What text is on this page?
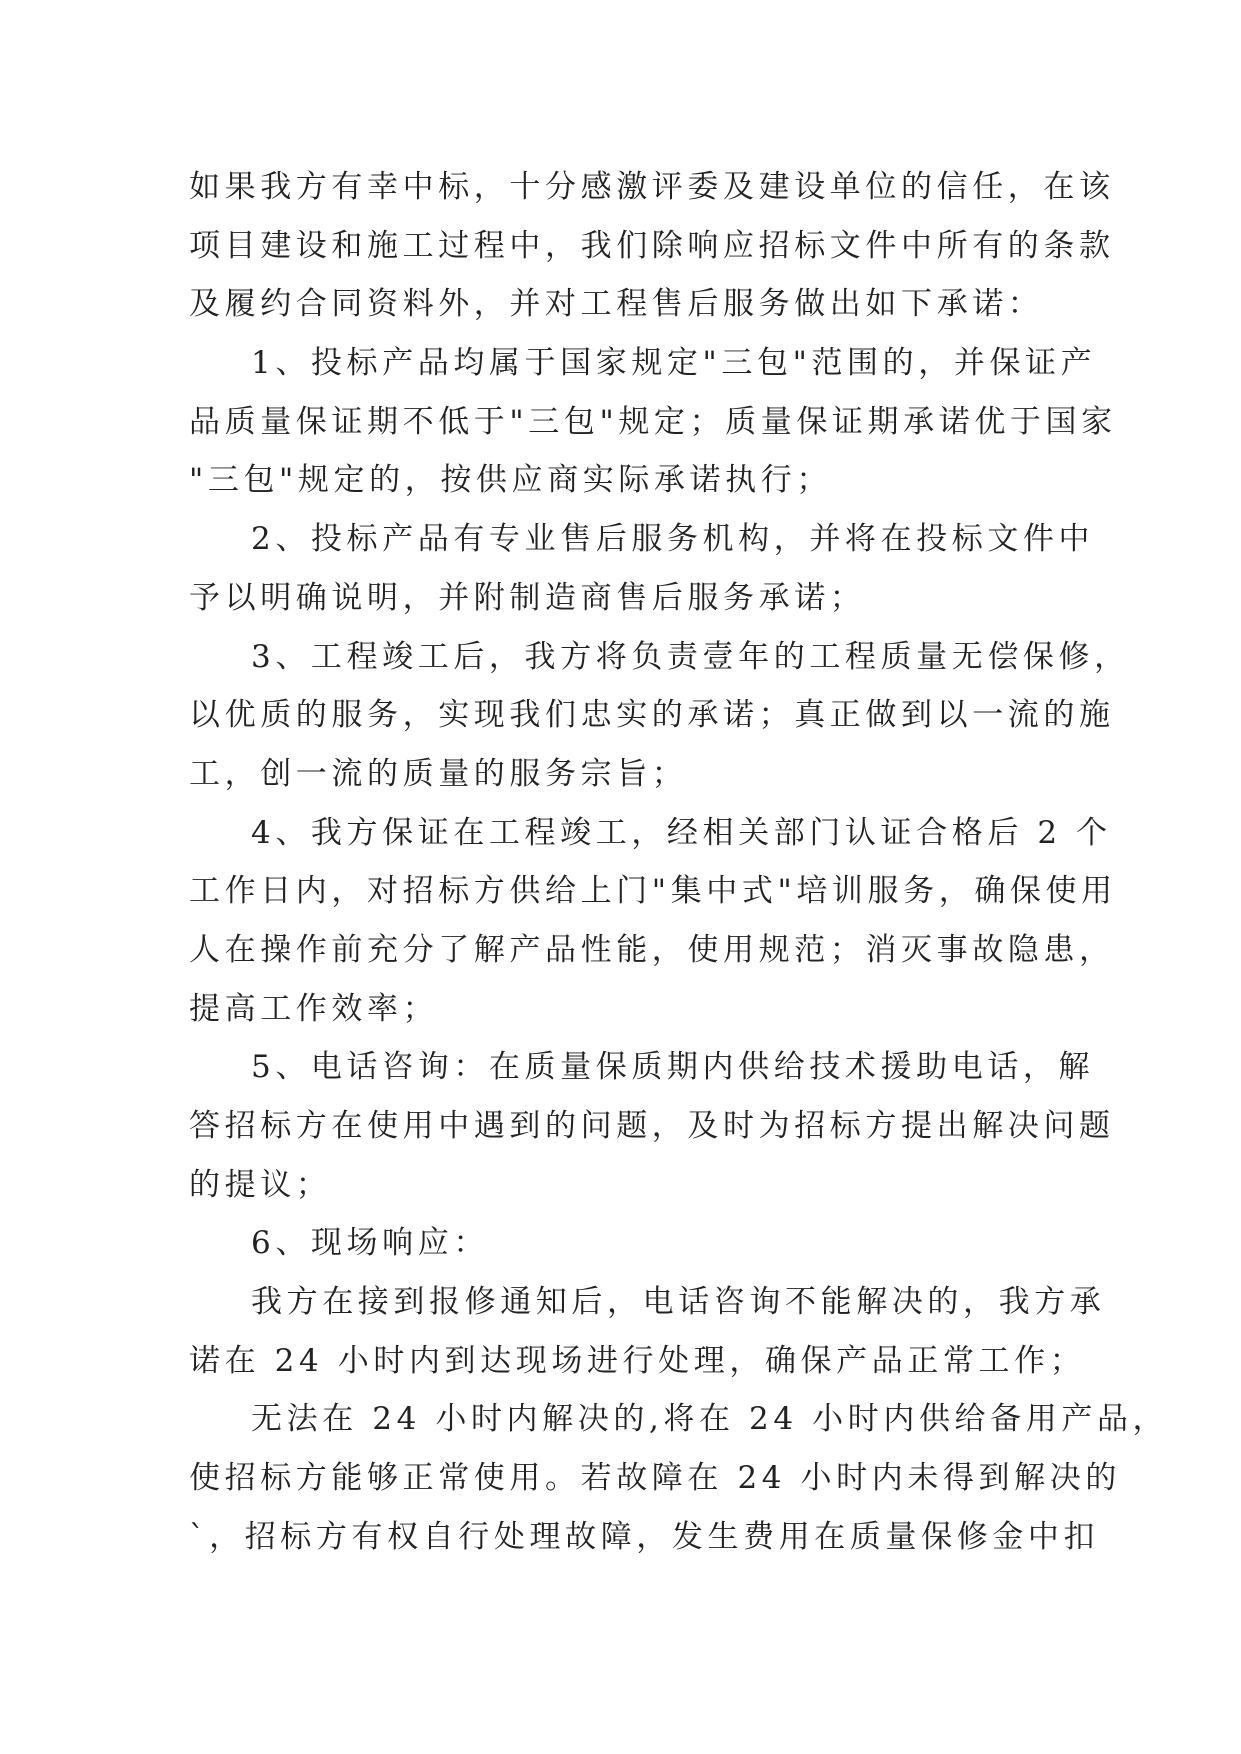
如果我方有幸中标，十分感激评委及建设单位的信任，在该
项目建设和施工过程中，我们除响应招标文件中所有的条款
及履约合同资料外，并对工程售后服务做出如下承诺：
1、投标产品均属于国家规定"三包"范围的，并保证产
品质量保证期不低于"三包"规定；质量保证期承诺优于国家
"三包"规定的，按供应商实际承诺执行；
2、投标产品有专业售后服务机构，并将在投标文件中
予以明确说明，并附制造商售后服务承诺；
3、工程竣工后，我方将负责壹年的工程质量无偿保修，
以优质的服务，实现我们忠实的承诺；真正做到以一流的施
工，创一流的质量的服务宗旨；
4、我方保证在工程竣工，经相关部门认证合格后 2 个
工作日内，对招标方供给上门"集中式"培训服务，确保使用
人在操作前充分了解产品性能，使用规范；消灭事故隐患，
提高工作效率；
5、电话咨询：在质量保质期内供给技术援助电话，解
答招标方在使用中遇到的问题，及时为招标方提出解决问题
的提议；
6、现场响应：
我方在接到报修通知后，电话咨询不能解决的，我方承
诺在 24 小时内到达现场进行处理，确保产品正常工作；
无法在 24 小时内解决的,将在 24 小时内供给备用产品，
使招标方能够正常使用。若故障在 24 小时内未得到解决的
`，招标方有权自行处理故障，发生费用在质量保修金中扣
